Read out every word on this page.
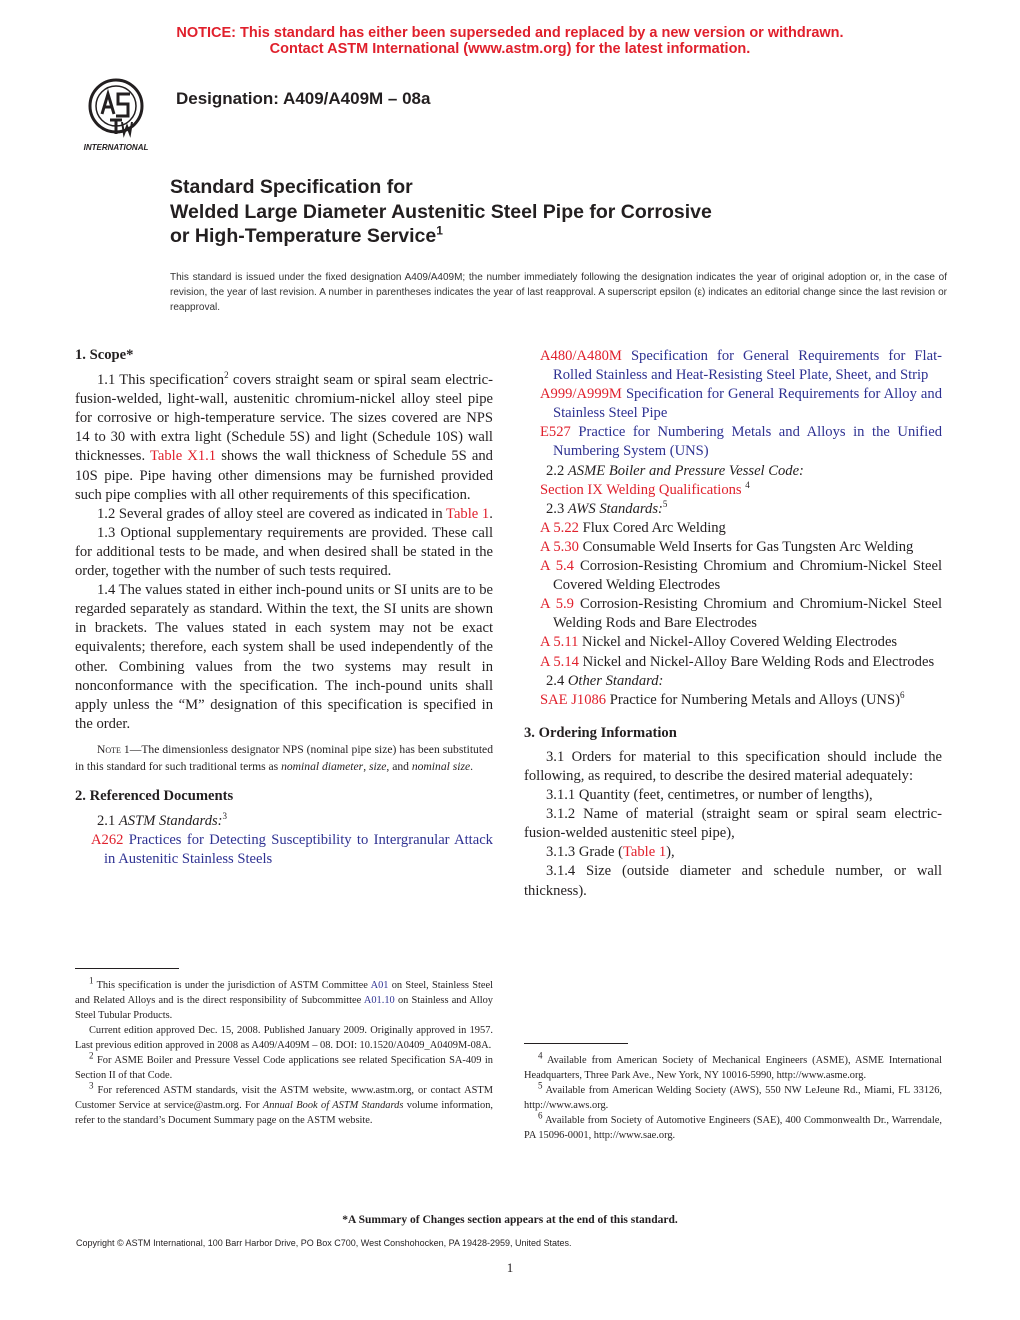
NOTICE: This standard has either been superseded and replaced by a new version or withdrawn.
Contact ASTM International (www.astm.org) for the latest information.
INTERNATIONAL
Designation: A409/A409M – 08a
Standard Specification for
Welded Large Diameter Austenitic Steel Pipe for Corrosive
or High-Temperature Service$^1$
This standard is issued under the fixed designation A409/A409M; the number immediately following the designation indicates the year of original adoption or, in the case of revision, the year of last revision. A number in parentheses indicates the year of last reapproval. A superscript epsilon (ε) indicates an editorial change since the last revision or reapproval.

1. Scope*

1.1 This specification$^2$ covers straight seam or spiral seam electric-fusion-welded, light-wall, austenitic chromium-nickel alloy steel pipe for corrosive or high-temperature service. The sizes covered are NPS 14 to 30 with extra light (Schedule 5S) and light (Schedule 10S) wall thicknesses. Table X1.1 shows the wall thickness of Schedule 5S and 10S pipe. Pipe having other dimensions may be furnished provided such pipe complies with all other requirements of this specification.

1.2 Several grades of alloy steel are covered as indicated in Table 1.

1.3 Optional supplementary requirements are provided. These call for additional tests to be made, and when desired shall be stated in the order, together with the number of such tests required.

1.4 The values stated in either inch-pound units or SI units are to be regarded separately as standard. Within the text, the SI units are shown in brackets. The values stated in each system may not be exact equivalents; therefore, each system shall be used independently of the other. Combining values from the two systems may result in nonconformance with the specification. The inch-pound units shall apply unless the “M” designation of this specification is specified in the order.

Note 1—The dimensionless designator NPS (nominal pipe size) has been substituted in this standard for such traditional terms as nominal diameter, size, and nominal size.

2. Referenced Documents

2.1 ASTM Standards:$^3$

A262 Practices for Detecting Susceptibility to Intergranular Attack in Austenitic Stainless Steels

$^1$ This specification is under the jurisdiction of ASTM Committee A01 on Steel, Stainless Steel and Related Alloys and is the direct responsibility of Subcommittee A01.10 on Stainless and Alloy Steel Tubular Products.

Current edition approved Dec. 15, 2008. Published January 2009. Originally approved in 1957. Last previous edition approved in 2008 as A409/A409M – 08. DOI: 10.1520/A0409_A0409M-08A.

$^2$ For ASME Boiler and Pressure Vessel Code applications see related Specification SA-409 in Section II of that Code.

$^3$ For referenced ASTM standards, visit the ASTM website, www.astm.org, or contact ASTM Customer Service at service@astm.org. For Annual Book of ASTM Standards volume information, refer to the standard’s Document Summary page on the ASTM website.

A480/A480M Specification for General Requirements for Flat-Rolled Stainless and Heat-Resisting Steel Plate, Sheet, and Strip

A999/A999M Specification for General Requirements for Alloy and Stainless Steel Pipe

E527 Practice for Numbering Metals and Alloys in the Unified Numbering System (UNS)

2.2 ASME Boiler and Pressure Vessel Code:

Section IX Welding Qualifications $^4$

2.3 AWS Standards:$^5$

A 5.22 Flux Cored Arc Welding

A 5.30 Consumable Weld Inserts for Gas Tungsten Arc Welding

A 5.4 Corrosion-Resisting Chromium and Chromium-Nickel Steel Covered Welding Electrodes

A 5.9 Corrosion-Resisting Chromium and Chromium-Nickel Steel Welding Rods and Bare Electrodes

A 5.11 Nickel and Nickel-Alloy Covered Welding Electrodes

A 5.14 Nickel and Nickel-Alloy Bare Welding Rods and Electrodes

2.4 Other Standard:

SAE J1086 Practice for Numbering Metals and Alloys (UNS)$^6$

3. Ordering Information

3.1 Orders for material to this specification should include the following, as required, to describe the desired material adequately:

3.1.1 Quantity (feet, centimetres, or number of lengths),

3.1.2 Name of material (straight seam or spiral seam electric-fusion-welded austenitic steel pipe),

3.1.3 Grade (Table 1),

3.1.4 Size (outside diameter and schedule number, or wall thickness).

$^4$ Available from American Society of Mechanical Engineers (ASME), ASME International Headquarters, Three Park Ave., New York, NY 10016-5990, http://www.asme.org.

$^5$ Available from American Welding Society (AWS), 550 NW LeJeune Rd., Miami, FL 33126, http://www.aws.org.

$^6$ Available from Society of Automotive Engineers (SAE), 400 Commonwealth Dr., Warrendale, PA 15096-0001, http://www.sae.org.

*A Summary of Changes section appears at the end of this standard.
Copyright © ASTM International, 100 Barr Harbor Drive, PO Box C700, West Conshohocken, PA 19428-2959, United States.
1
